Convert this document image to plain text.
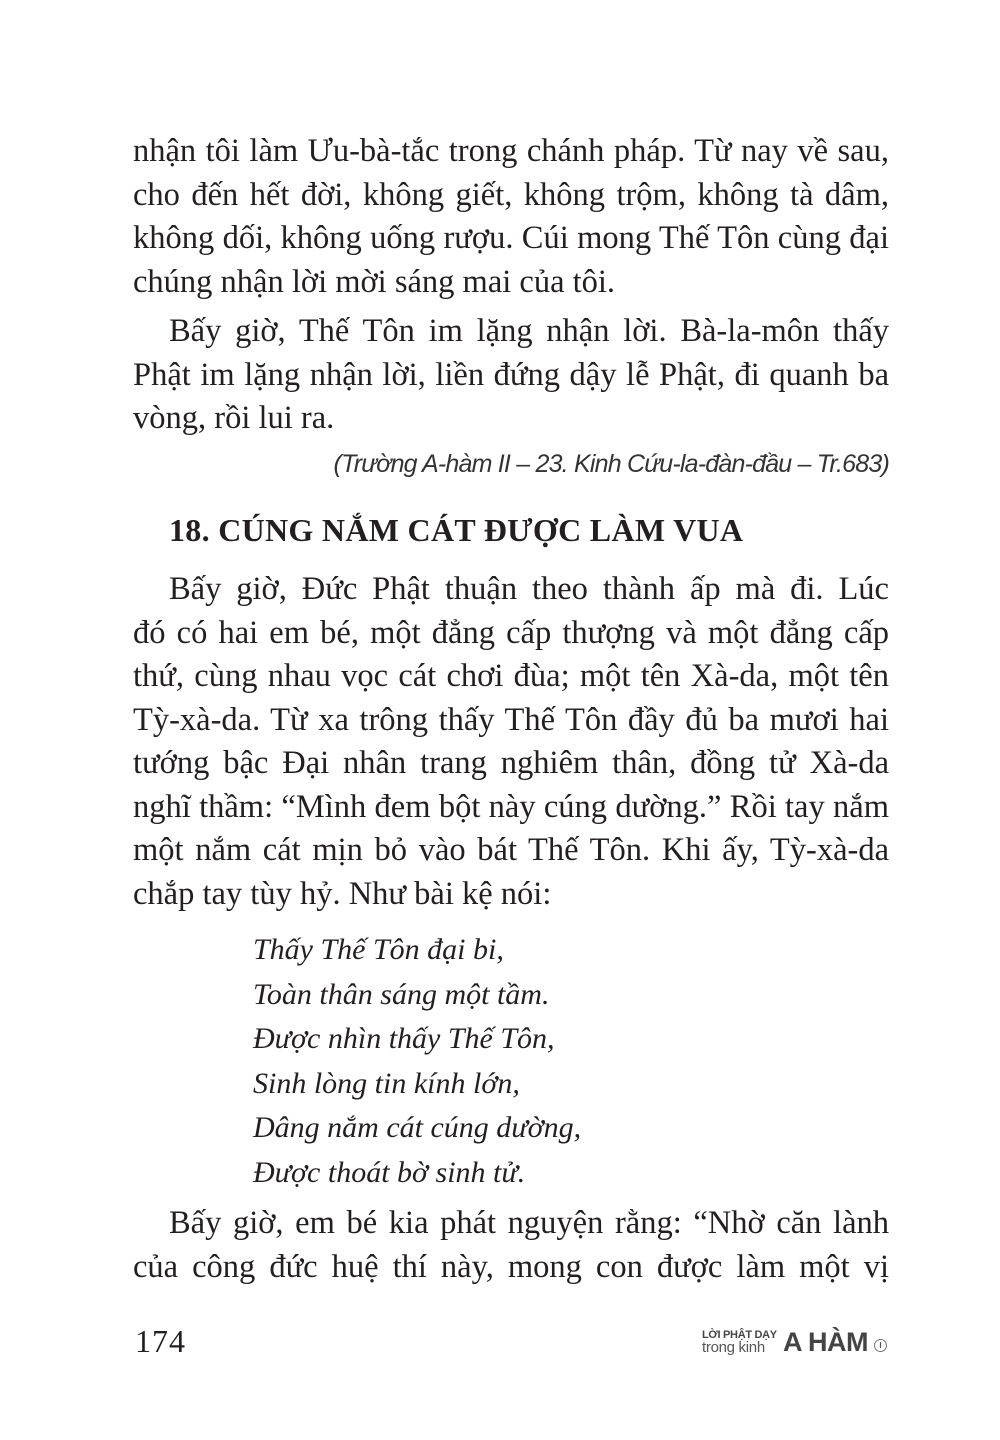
nhận tôi làm Ưu-bà-tắc trong chánh pháp. Từ nay về sau,
cho đến hết đời, không giết, không trộm, không tà dâm,
không dối, không uống rượu. Cúi mong Thế Tôn cùng đại
chúng nhận lời mời sáng mai của tôi.
Bấy giờ, Thế Tôn im lặng nhận lời. Bà-la-môn thấy
Phật im lặng nhận lời, liền đứng dậy lễ Phật, đi quanh ba
vòng, rồi lui ra.
(Trường A-hàm II – 23. Kinh Cứu-la-đàn-đầu – Tr.683)
18. CÚNG NẮM CÁT ĐƯỢC LÀM VUA
Bấy giờ, Đức Phật thuận theo thành ấp mà đi. Lúc
đó có hai em bé, một đẳng cấp thượng và một đẳng cấp
thứ, cùng nhau vọc cát chơi đùa; một tên Xà-da, một tên
Tỳ-xà-da. Từ xa trông thấy Thế Tôn đầy đủ ba mươi hai
tướng bậc Đại nhân trang nghiêm thân, đồng tử Xà-da
nghĩ thầm: “Mình đem bột này cúng dường.” Rồi tay nắm
một nắm cát mịn bỏ vào bát Thế Tôn. Khi ấy, Tỳ-xà-da
chắp tay tùy hỷ. Như bài kệ nói:
Thấy Thế Tôn đại bi,
Toàn thân sáng một tầm.
Được nhìn thấy Thế Tôn,
Sinh lòng tin kính lớn,
Dâng nắm cát cúng dường,
Được thoát bờ sinh tử.
Bấy giờ, em bé kia phát nguyện rằng: “Nhờ căn lành
của công đức huệ thí này, mong con được làm một vị
174	LỜI PHẬT DẠY
trong kinh A HÀM	I
